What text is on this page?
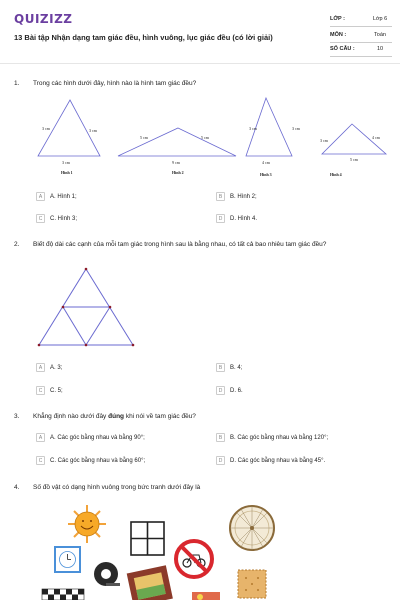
QUIZIZZ
13 Bài tập Nhận dạng tam giác đều, hình vuông, lục giác đều (có lời giải)
LỚP :	Lớp 6
MÔN :	Toán
SỐ CÂU :	10
1. Trong các hình dưới đây, hình nào là hình tam giác đều?
3 cm	3 cm
3 cm
Hình 1
5 cm	5 cm
9 cm
Hình 2
3 cm	3 cm
4 cm
Hình 3
3 cm
4 cm
5 cm
Hình 4
A	A. Hình 1;	B	B. Hình 2;
C	C. Hình 3;	D	D. Hình 4.
2. Biết độ dài các cạnh của mỗi tam giác trong hình sau là bằng nhau, có tất cả bao nhiêu tam giác đều?
A	A. 3;	B	B. 4;
C	C. 5;	D	D. 6.
3. Khẳng định nào dưới đây đúng khi nói về tam giác đều?
A	A. Các góc bằng nhau và bằng 90°;	B	B. Các góc bằng nhau và bằng 120°;
C	C. Các góc bằng nhau và bằng 60°;	D	D. Các góc bằng nhau và bằng 45°.
4. Số đồ vật có dạng hình vuông trong bức tranh dưới đây là
